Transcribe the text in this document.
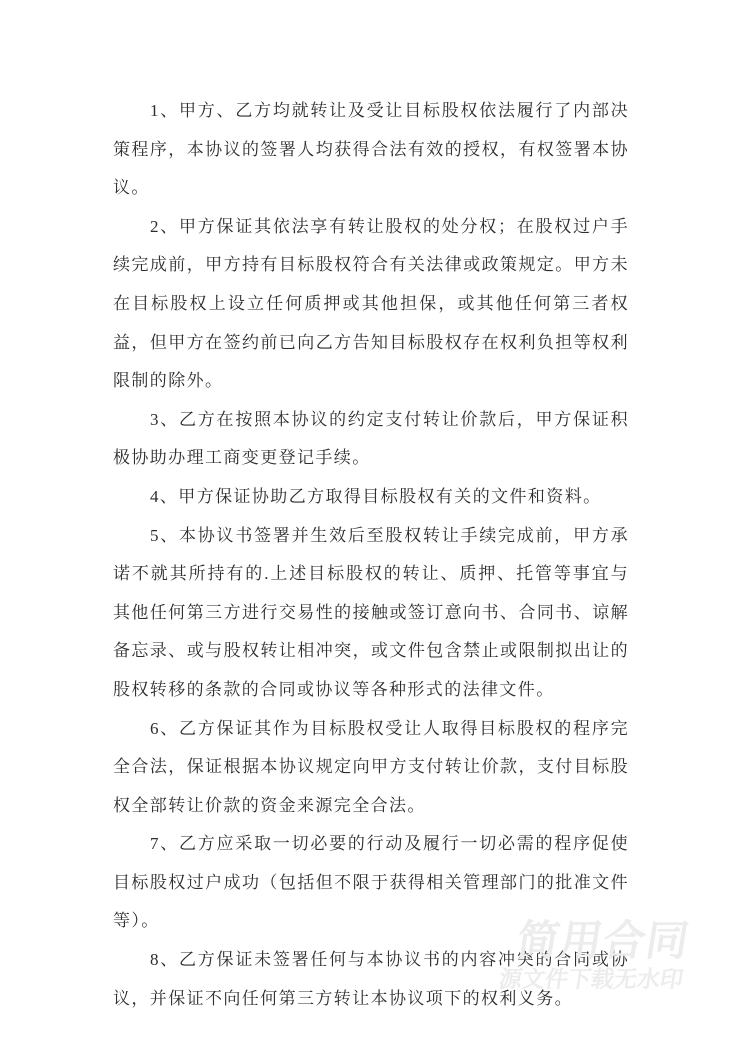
1、甲方、乙方均就转让及受让目标股权依法履行了内部决策程序，本协议的签署人均获得合法有效的授权，有权签署本协议。

2、甲方保证其依法享有转让股权的处分权；在股权过户手续完成前，甲方持有目标股权符合有关法律或政策规定。甲方未在目标股权上设立任何质押或其他担保，或其他任何第三者权益，但甲方在签约前已向乙方告知目标股权存在权利负担等权利限制的除外。

3、乙方在按照本协议的约定支付转让价款后，甲方保证积极协助办理工商变更登记手续。

4、甲方保证协助乙方取得目标股权有关的文件和资料。

5、本协议书签署并生效后至股权转让手续完成前，甲方承诺不就其所持有的.上述目标股权的转让、质押、托管等事宜与其他任何第三方进行交易性的接触或签订意向书、合同书、谅解备忘录、或与股权转让相冲突，或文件包含禁止或限制拟出让的股权转移的条款的合同或协议等各种形式的法律文件。

6、乙方保证其作为目标股权受让人取得目标股权的程序完全合法，保证根据本协议规定向甲方支付转让价款，支付目标股权全部转让价款的资金来源完全合法。

7、乙方应采取一切必要的行动及履行一切必需的程序促使目标股权过户成功（包括但不限于获得相关管理部门的批准文件等）。

8、乙方保证未签署任何与本协议书的内容冲突的合同或协议，并保证不向任何第三方转让本协议项下的权利义务。

简用合同
源文件下载无水印
